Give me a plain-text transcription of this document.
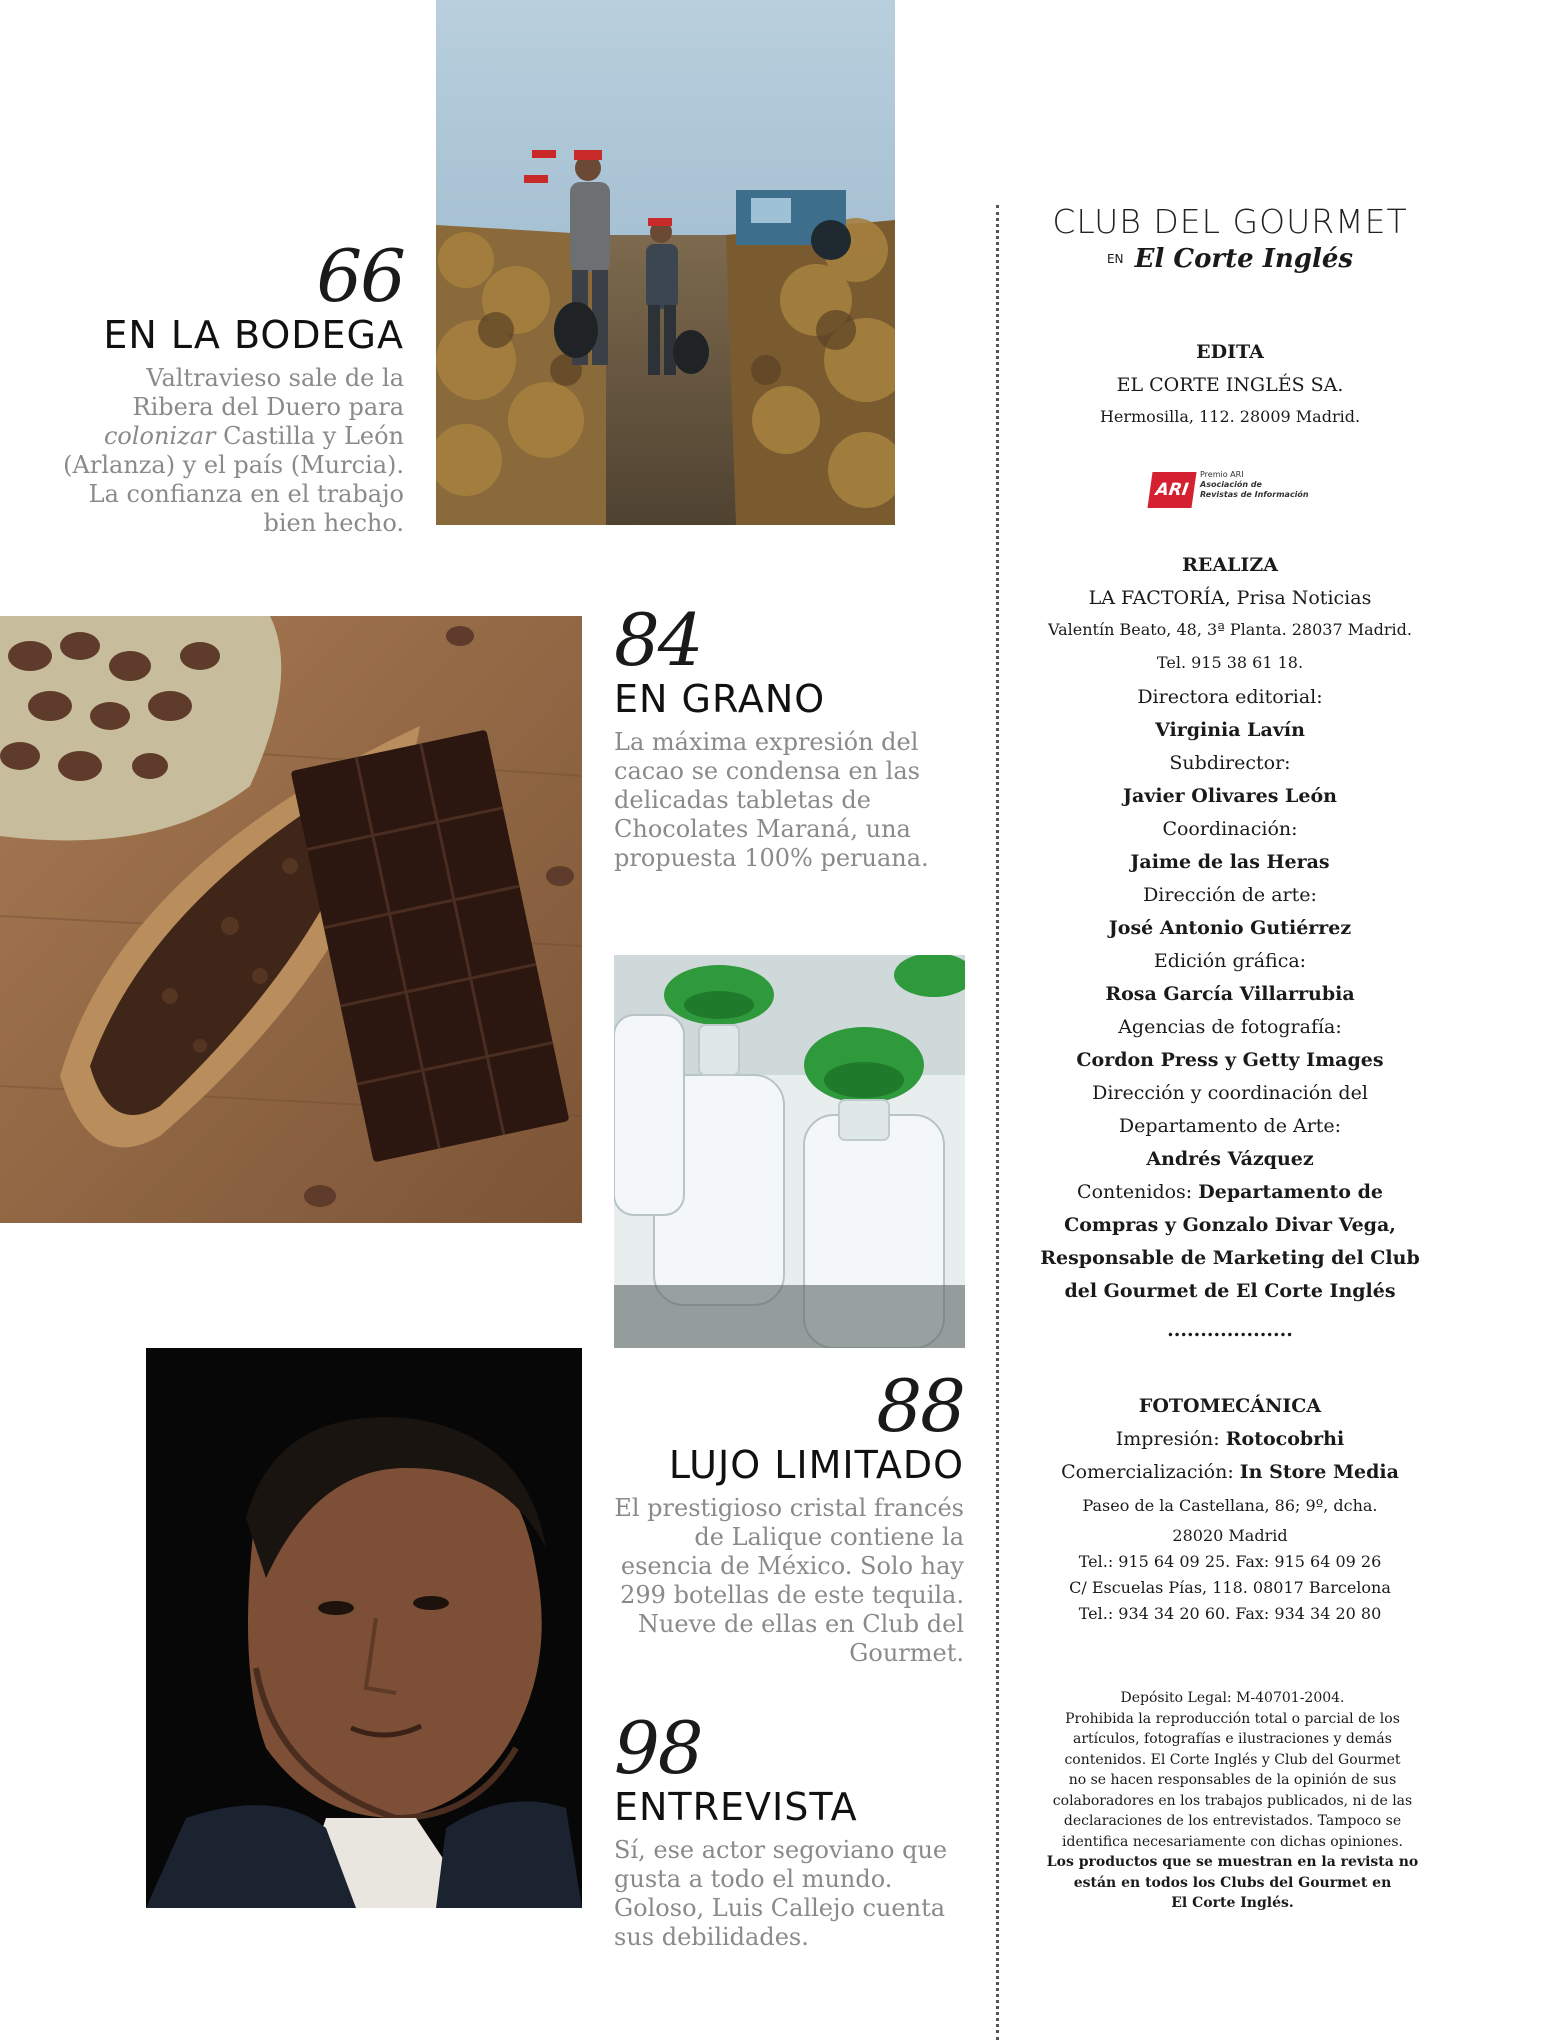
66
EN LA BODEGA
Valtravieso sale de la Ribera del Duero para colonizar Castilla y León (Arlanza) y el país (Murcia). La confianza en el trabajo bien hecho.
84
EN GRANO
La máxima expresión del cacao se condensa en las delicadas tabletas de Chocolates Maraná, una propuesta 100% peruana.
88
LUJO LIMITADO
El prestigioso cristal francés de Lalique contiene la esencia de México. Solo hay 299 botellas de este tequila. Nueve de ellas en Club del Gourmet.
98
ENTREVISTA
Sí, ese actor segoviano que gusta a todo el mundo. Goloso, Luis Callejo cuenta sus debilidades.
CLUB DEL GOURMET
EN El Corte Inglés
EDITA
EL CORTE INGLÉS SA.
Hermosilla, 112. 28009 Madrid.
ARI
Premio ARI
Asociación de
Revistas de Información
REALIZA
LA FACTORÍA, Prisa Noticias
Valentín Beato, 48, 3ª Planta. 28037 Madrid.
Tel. 915 38 61 18.
Directora editorial:
Virginia Lavín
Subdirector:
Javier Olivares León
Coordinación:
Jaime de las Heras
Dirección de arte:
José Antonio Gutiérrez
Edición gráfica:
Rosa García Villarrubia
Agencias de fotografía:
Cordon Press y Getty Images
Dirección y coordinación del
Departamento de Arte:
Andrés Vázquez
Contenidos: Departamento de
Compras y Gonzalo Divar Vega,
Responsable de Marketing del Club
del Gourmet de El Corte Inglés
...................
FOTOMECÁNICA
Impresión: Rotocobrhi
Comercialización: In Store Media
Paseo de la Castellana, 86; 9º, dcha.
28020 Madrid
Tel.: 915 64 09 25. Fax: 915 64 09 26
C/ Escuelas Pías, 118. 08017 Barcelona
Tel.: 934 34 20 60. Fax: 934 34 20 80
Depósito Legal: M-40701-2004.
Prohibida la reproducción total o parcial de los
artículos, fotografías e ilustraciones y demás
contenidos. El Corte Inglés y Club del Gourmet
no se hacen responsables de la opinión de sus
colaboradores en los trabajos publicados, ni de las
declaraciones de los entrevistados. Tampoco se
identifica necesariamente con dichas opiniones.
Los productos que se muestran en la revista no
están en todos los Clubs del Gourmet en
El Corte Inglés.
